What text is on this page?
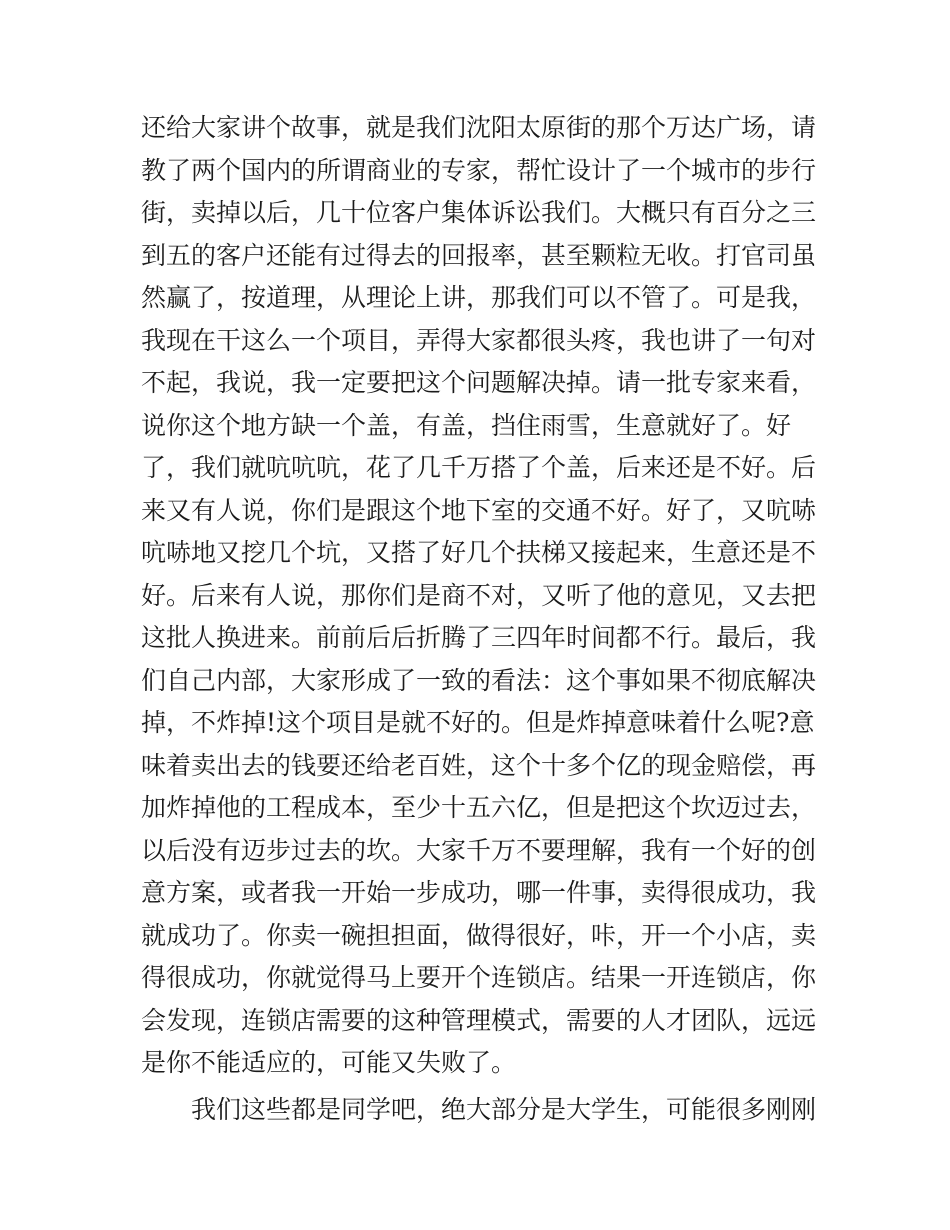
还给大家讲个故事，就是我们沈阳太原街的那个万达广场，请
教了两个国内的所谓商业的专家，帮忙设计了一个城市的步行
街，卖掉以后，几十位客户集体诉讼我们。大概只有百分之三
到五的客户还能有过得去的回报率，甚至颗粒无收。打官司虽
然赢了，按道理，从理论上讲，那我们可以不管了。可是我，
我现在干这么一个项目，弄得大家都很头疼，我也讲了一句对
不起，我说，我一定要把这个问题解决掉。请一批专家来看，
说你这个地方缺一个盖，有盖，挡住雨雪，生意就好了。好
了，我们就吭吭吭，花了几千万搭了个盖，后来还是不好。后
来又有人说，你们是跟这个地下室的交通不好。好了，又吭哧
吭哧地又挖几个坑，又搭了好几个扶梯又接起来，生意还是不
好。后来有人说，那你们是商不对，又听了他的意见，又去把
这批人换进来。前前后后折腾了三四年时间都不行。最后，我
们自己内部，大家形成了一致的看法：这个事如果不彻底解决
掉，不炸掉!这个项目是就不好的。但是炸掉意味着什么呢?意
味着卖出去的钱要还给老百姓，这个十多个亿的现金赔偿，再
加炸掉他的工程成本，至少十五六亿，但是把这个坎迈过去，
以后没有迈步过去的坎。大家千万不要理解，我有一个好的创
意方案，或者我一开始一步成功，哪一件事，卖得很成功，我
就成功了。你卖一碗担担面，做得很好，咔，开一个小店，卖
得很成功，你就觉得马上要开个连锁店。结果一开连锁店，你
会发现，连锁店需要的这种管理模式，需要的人才团队，远远
是你不能适应的，可能又失败了。
我们这些都是同学吧，绝大部分是大学生，可能很多刚刚
